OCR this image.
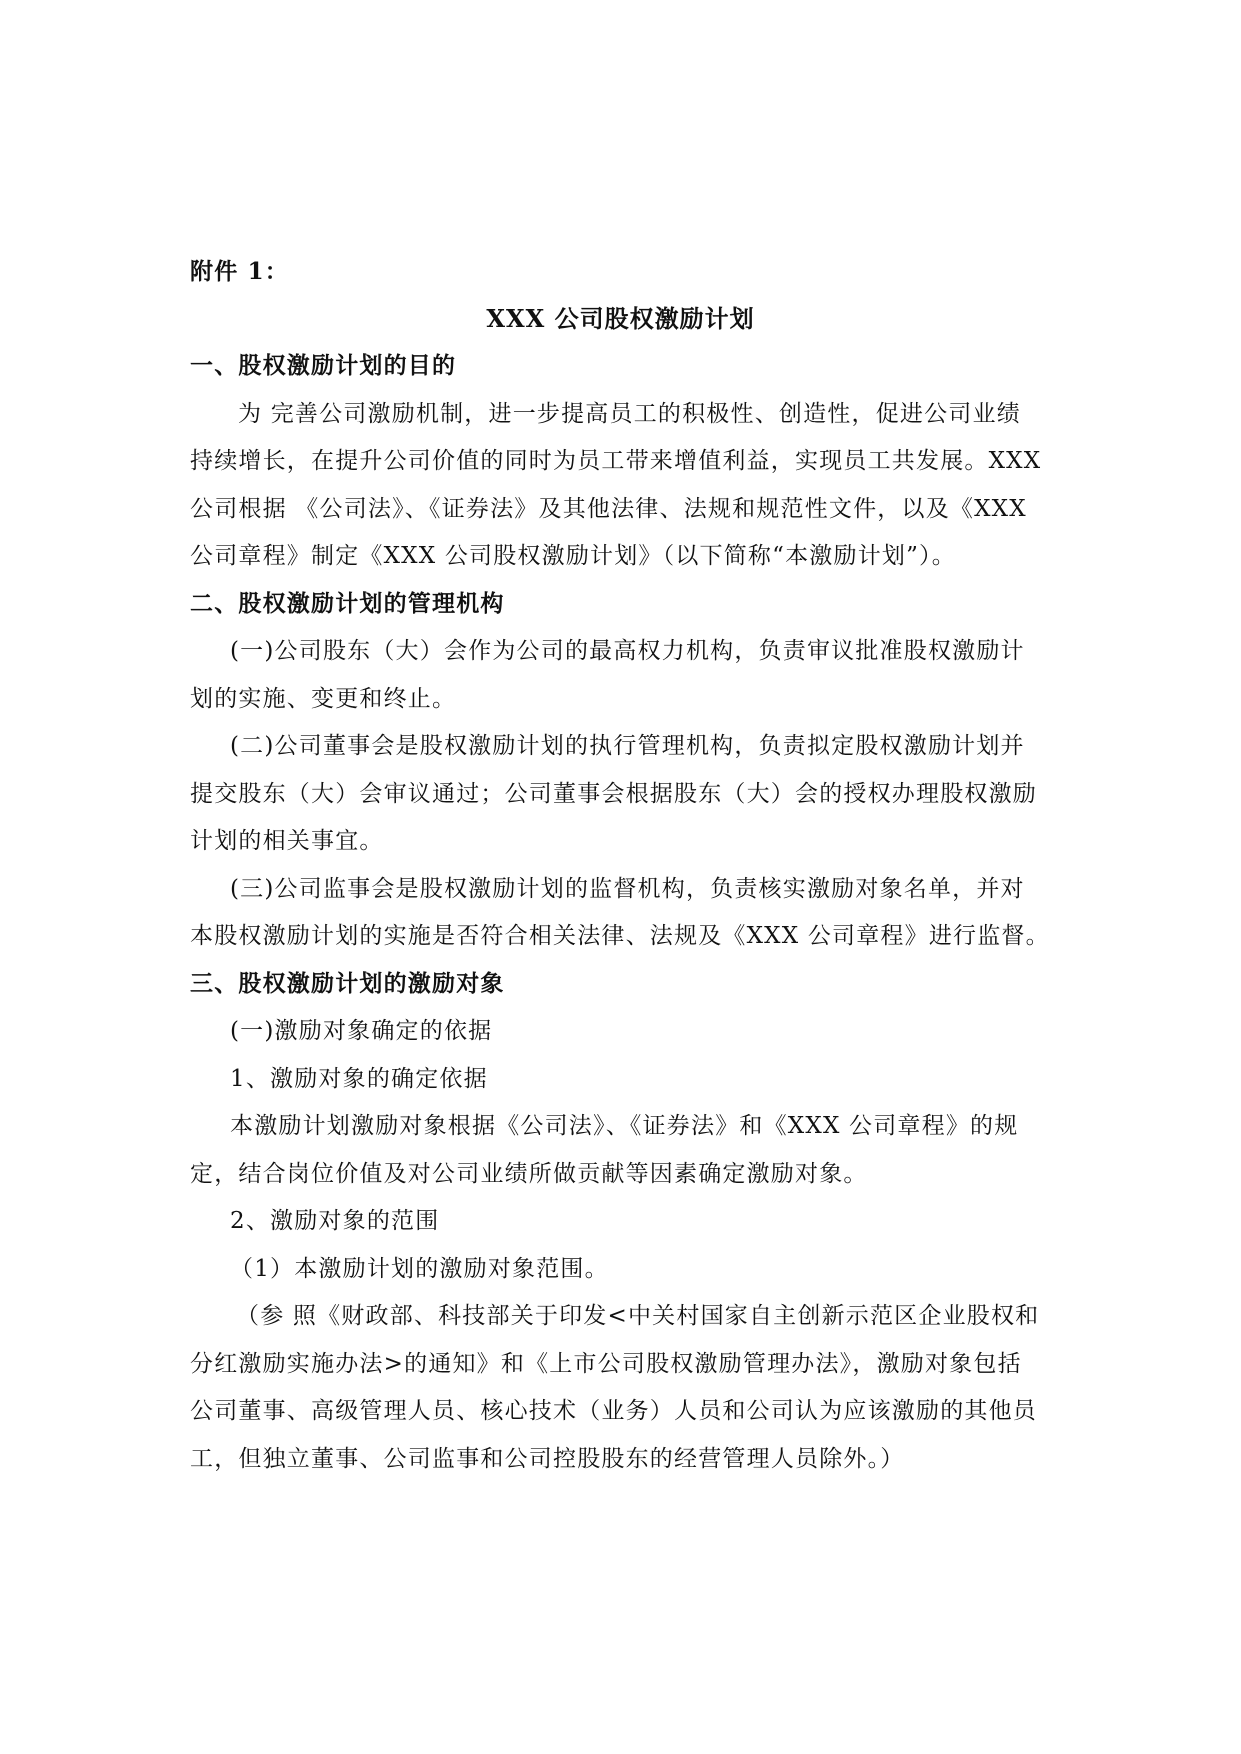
附件 1：
XXX 公司股权激励计划
一、股权激励计划的目的
为 完善公司激励机制，进一步提高员工的积极性、创造性，促进公司业绩
持续增长，在提升公司价值的同时为员工带来增值利益，实现员工共发展。XXX
公司根据 《公司法》、《证券法》及其他法律、法规和规范性文件，以及《XXX
公司章程》制定《XXX 公司股权激励计划》（以下简称“本激励计划”）。
二、股权激励计划的管理机构
(一)公司股东（大）会作为公司的最高权力机构，负责审议批准股权激励计
划的实施、变更和终止。
(二)公司董事会是股权激励计划的执行管理机构，负责拟定股权激励计划并
提交股东（大）会审议通过；公司董事会根据股东（大）会的授权办理股权激励
计划的相关事宜。
(三)公司监事会是股权激励计划的监督机构，负责核实激励对象名单，并对
本股权激励计划的实施是否符合相关法律、法规及《XXX 公司章程》进行监督。
三、股权激励计划的激励对象
(一)激励对象确定的依据
1、激励对象的确定依据
本激励计划激励对象根据《公司法》、《证券法》和《XXX 公司章程》的规
定，结合岗位价值及对公司业绩所做贡献等因素确定激励对象。
2、激励对象的范围
（1）本激励计划的激励对象范围。
（参 照《财政部、科技部关于印发<中关村国家自主创新示范区企业股权和
分红激励实施办法>的通知》和《上市公司股权激励管理办法》，激励对象包括
公司董事、高级管理人员、核心技术（业务）人员和公司认为应该激励的其他员
工，但独立董事、公司监事和公司控股股东的经营管理人员除外。）
